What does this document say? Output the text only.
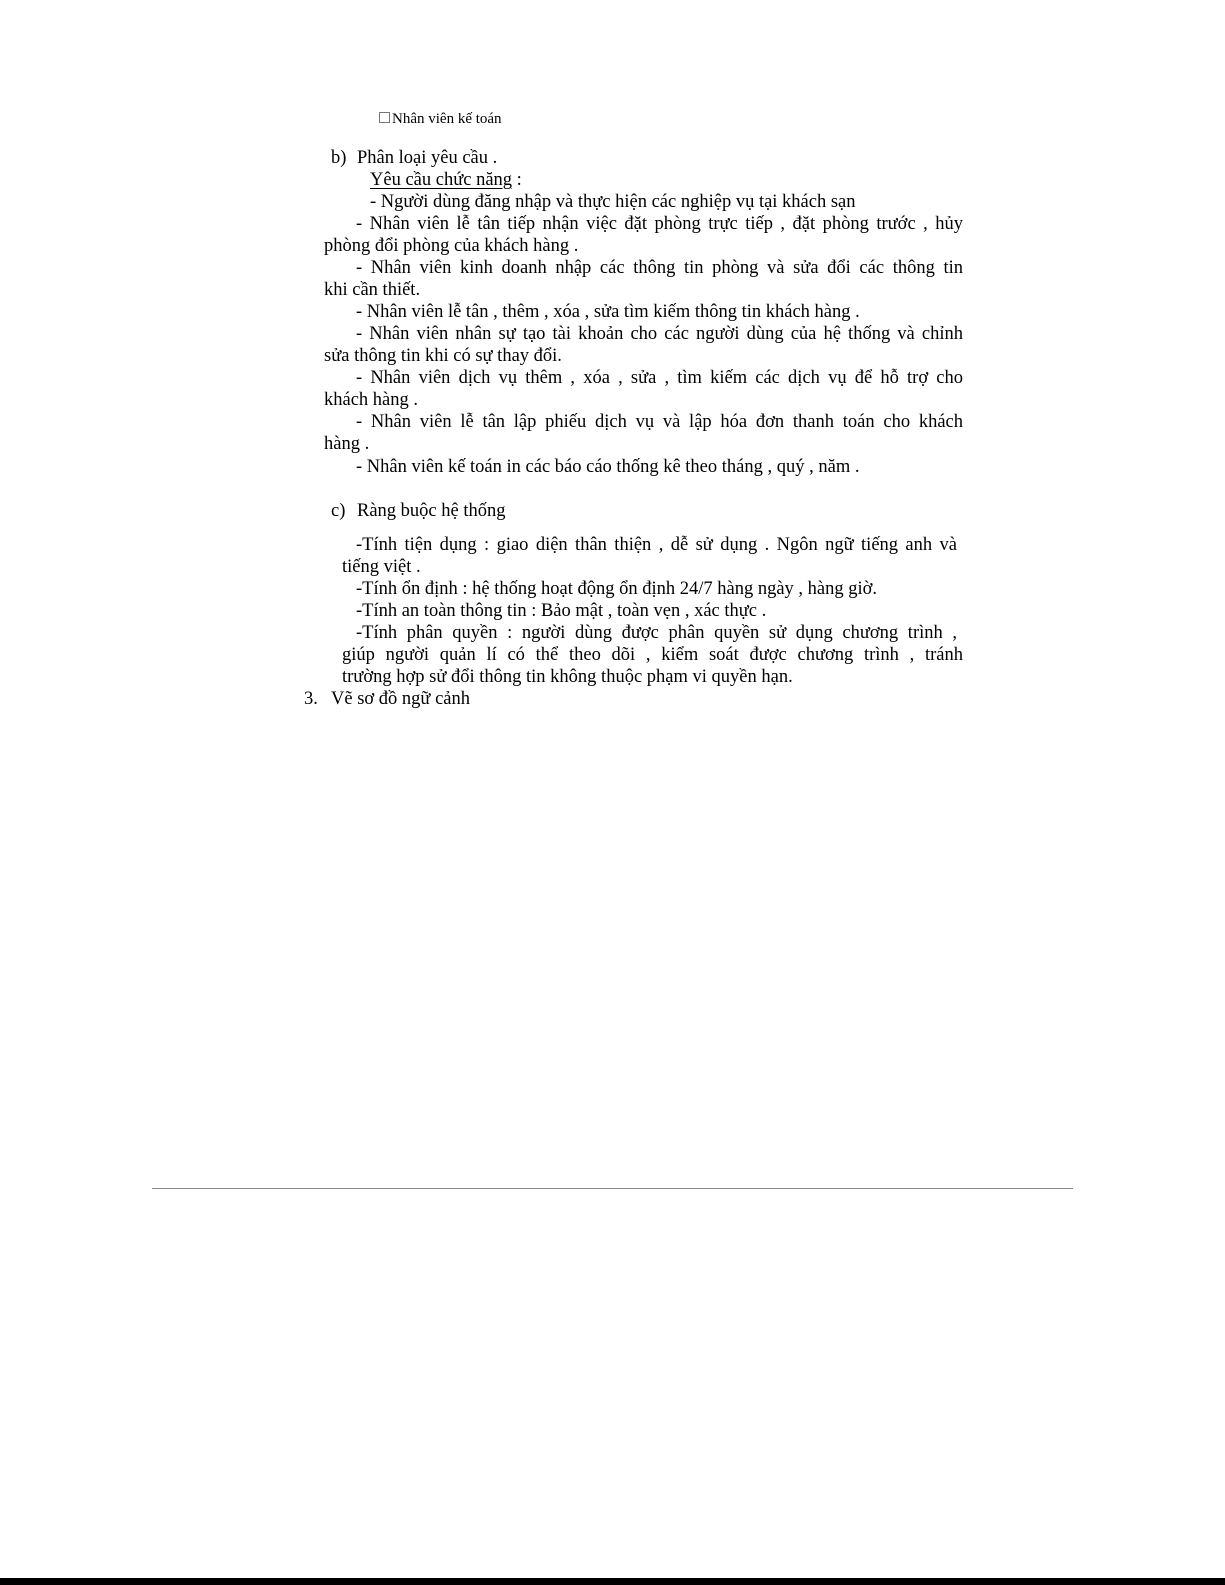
Nhân viên kế toán
b) Phân loại yêu cầu .
Yêu cầu chức năng :
- Người dùng đăng nhập và thực hiện các nghiệp vụ tại khách sạn
- Nhân viên lễ tân tiếp nhận việc đặt phòng trực tiếp , đặt phòng trước , hủy
phòng đổi phòng của khách hàng .
- Nhân viên kinh doanh nhập các thông tin phòng và sửa đổi các thông tin
khi cần thiết.
- Nhân viên lễ tân , thêm , xóa , sửa tìm kiếm thông tin khách hàng .
- Nhân viên nhân sự tạo tài khoản cho các người dùng của hệ thống và chỉnh
sửa thông tin khi có sự thay đổi.
- Nhân viên dịch vụ thêm , xóa , sửa , tìm kiếm các dịch vụ để hỗ trợ cho
khách hàng .
- Nhân viên lễ tân lập phiếu dịch vụ và lập hóa đơn thanh toán cho khách
hàng .
- Nhân viên kế toán in các báo cáo thống kê theo tháng , quý , năm .
c) Ràng buộc hệ thống
-Tính tiện dụng : giao diện thân thiện , dễ sử dụng . Ngôn ngữ tiếng anh và
tiếng việt .
-Tính ổn định : hệ thống hoạt động ổn định 24/7 hàng ngày , hàng giờ.
-Tính an toàn thông tin : Bảo mật , toàn vẹn , xác thực .
-Tính phân quyền : người dùng được phân quyền sử dụng chương trình ,
giúp người quản lí có thể theo dõi , kiểm soát được chương trình , tránh
trường hợp sử đổi thông tin không thuộc phạm vi quyền hạn.
3. Vẽ sơ đồ ngữ cảnh
